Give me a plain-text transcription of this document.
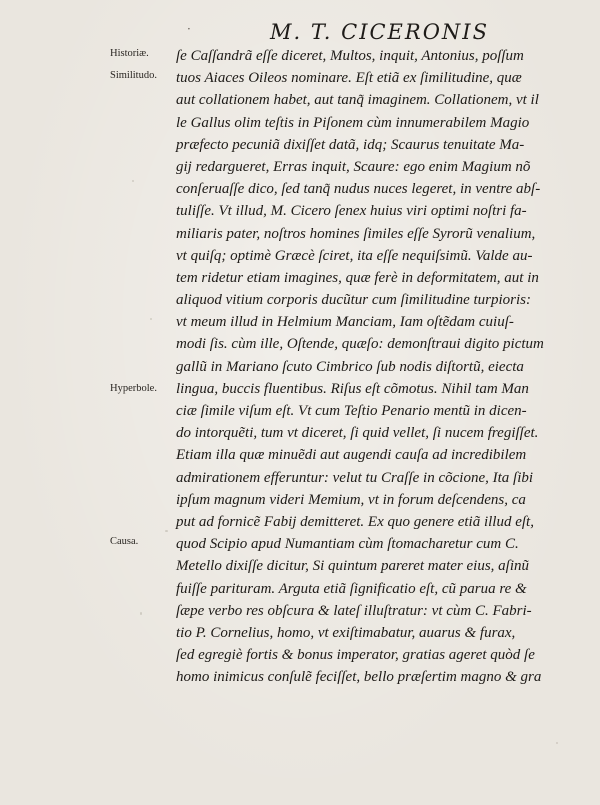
·	M. T. CICERONIS
Historiæ.
Similitudo.
Hyperbole.
Causa.
ſe Caſſandrã eſſe diceret, Multos, inquit, Antonius, poſſum
tuos Aiaces Oileos nominare. Eſt etiã ex ſimilitudine, quæ
aut collationem habet, aut tanq̃ imaginem. Collationem, vt il
le Gallus olim teſtis in Piſonem cùm innumerabilem Magio
præfecto pecuniã dixiſſet datã, idq; Scaurus tenuitate Ma-
gij redargueret, Erras inquit, Scaure: ego enim Magium nõ
conſeruaſſe dico, ſed tanq̃ nudus nuces legeret, in ventre abſ-
tuliſſe. Vt illud, M. Cicero ſenex huius viri optimi noſtri fa-
miliaris pater, noſtros homines ſimiles eſſe Syrorũ venalium,
vt quiſq; optimè Græcè ſciret, ita eſſe nequiſsimũ. Valde au-
tem ridetur etiam imagines, quæ ferè in deformitatem, aut in
aliquod vitium corporis ducũtur cum ſimilitudine turpioris:
vt meum illud in Helmium Manciam, Iam oſtẽdam cuiuſ-
modi ſis. cùm ille, Oſtende, quæſo: demonſtraui digito pictum
gallũ in Mariano ſcuto Cimbrico ſub nodis diſtortũ, eiecta
lingua, buccis fluentibus. Riſus eſt cõmotus. Nihil tam Man
ciæ ſimile viſum eſt. Vt cum Teſtio Penario mentũ in dicen-
do intorquẽti, tum vt diceret, ſi quid vellet, ſi nucem fregiſſet.
Etiam illa quæ minuẽdi aut augendi cauſa ad incredibilem
admirationem efferuntur: velut tu Craſſe in cõcione, Ita ſibi
ipſum magnum videri Memium, vt in forum deſcendens, ca
put ad fornicẽ Fabij demitteret. Ex quo genere etiã illud eſt,
quod Scipio apud Numantiam cùm ſtomacharetur cum C.
Metello dixiſſe dicitur, Si quintum pareret mater eius, aſinũ
fuiſſe parituram. Arguta etiã ſignificatio eſt, cũ parua re &
ſæpe verbo res obſcura & lateſ illuſtratur: vt cùm C. Fabri-
tio P. Cornelius, homo, vt exiſtimabatur, auarus & furax,
ſed egregiè fortis & bonus imperator, gratias ageret quòd ſe
homo inimicus conſulẽ feciſſet, bello præſertim magno & gra
